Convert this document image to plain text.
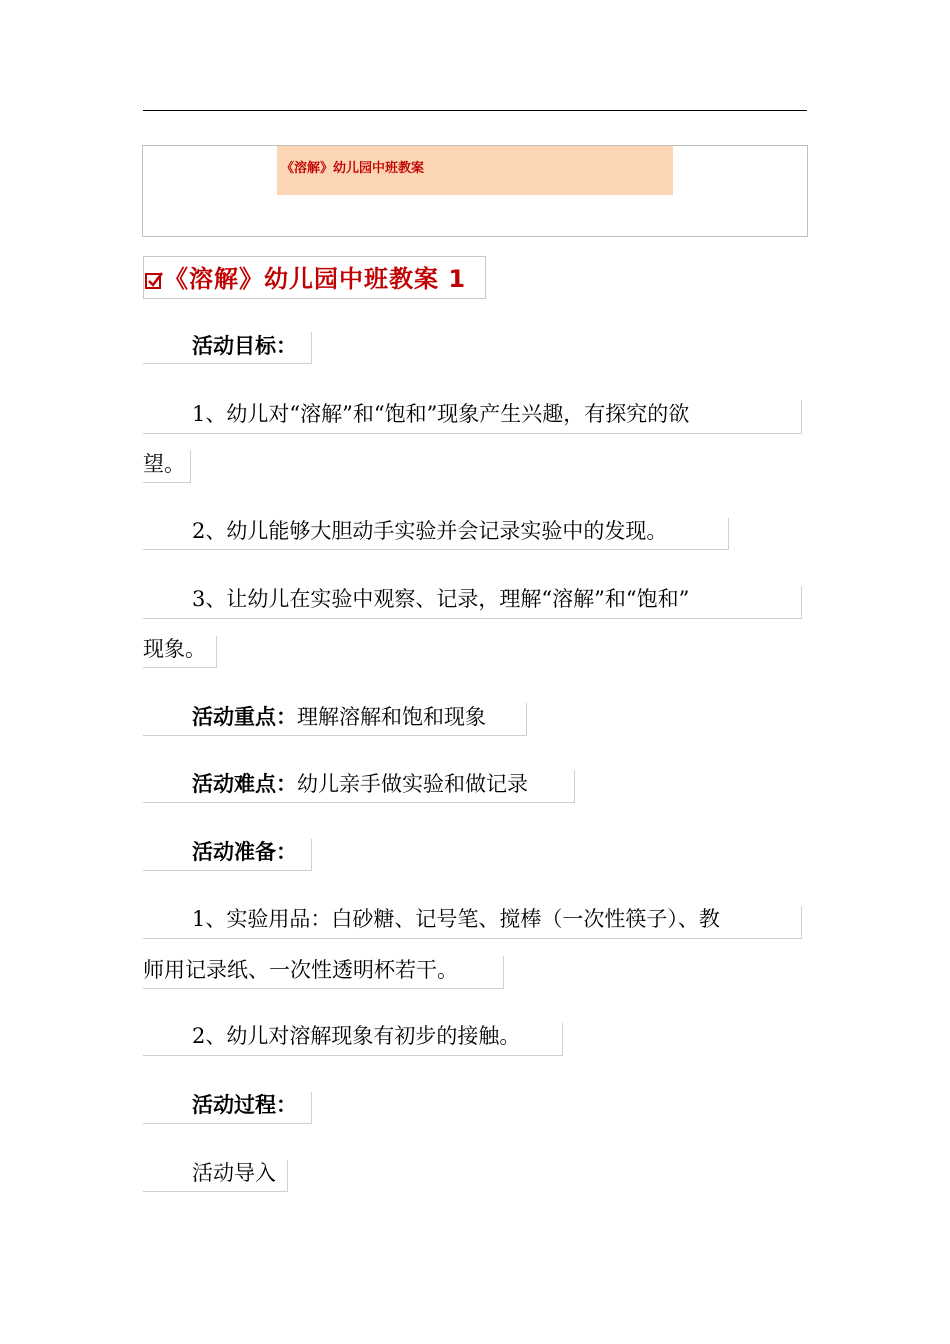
《溶解》幼儿园中班教案
《溶解》幼儿园中班教案 1
活动目标：
1、幼儿对“溶解”和“饱和”现象产生兴趣，有探究的欲
望。
2、幼儿能够大胆动手实验并会记录实验中的发现。
3、让幼儿在实验中观察、记录，理解“溶解”和“饱和”
现象。
活动重点：理解溶解和饱和现象
活动难点：幼儿亲手做实验和做记录
活动准备：
1、实验用品：白砂糖、记号笔、搅棒（一次性筷子）、教
师用记录纸、一次性透明杯若干。
2、幼儿对溶解现象有初步的接触。
活动过程：
活动导入
